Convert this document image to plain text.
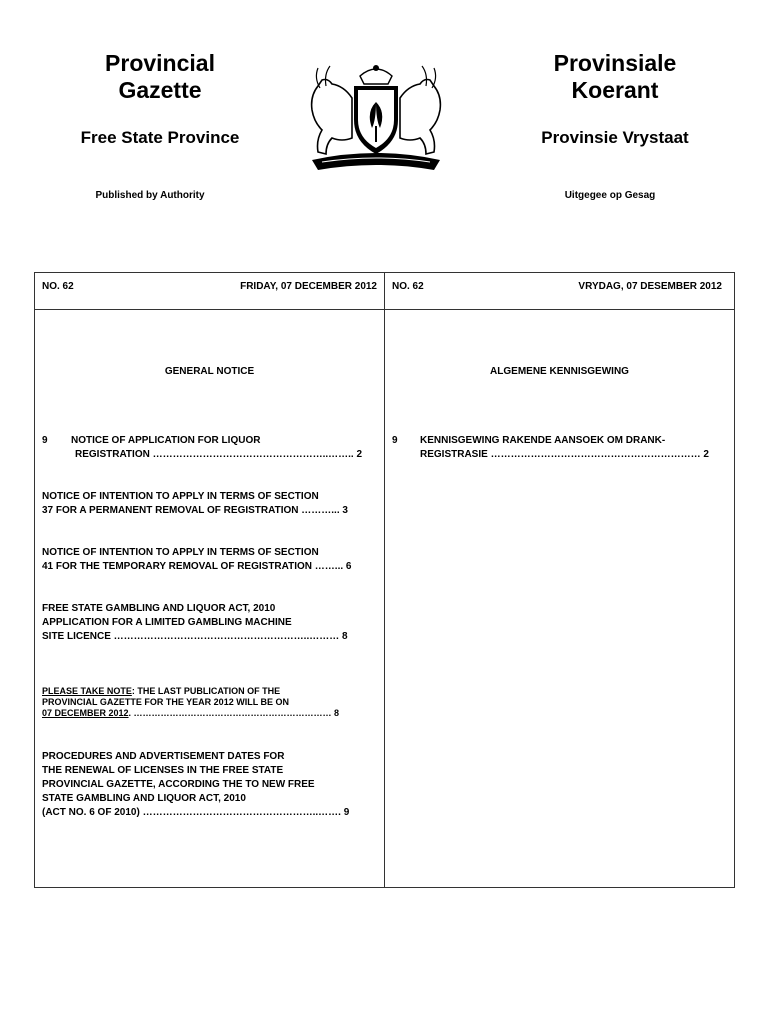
Provincial
Gazette
Free State Province
Published by Authority
Provinsiale
Koerant
Provinsie Vrystaat
Uitgegee op Gesag
NO. 62	FRIDAY, 07 DECEMBER 2012 NO. 62	VRYDAG, 07 DESEMBER 2012
GENERAL NOTICE	ALGEMENE KENNISGEWING
9 NOTICE OF APPLICATION FOR LIQUOR
REGISTRATION ……………………………………………..…….. 2
NOTICE OF INTENTION TO APPLY IN TERMS OF SECTION
37 FOR A PERMANENT REMOVAL OF REGISTRATION ………... 3
NOTICE OF INTENTION TO APPLY IN TERMS OF SECTION
41 FOR THE TEMPORARY REMOVAL OF REGISTRATION ……... 6
FREE STATE GAMBLING AND LIQUOR ACT, 2010
APPLICATION FOR A LIMITED GAMBLING MACHINE
SITE LICENCE …………………………………………………..……… 8
PLEASE TAKE NOTE: THE LAST PUBLICATION OF THE
PROVINCIAL GAZETTE FOR THE YEAR 2012 WILL BE ON
07 DECEMBER 2012. ………………………………………………………… 8
PROCEDURES AND ADVERTISEMENT DATES FOR
THE RENEWAL OF LICENSES IN THE FREE STATE
PROVINCIAL GAZETTE, ACCORDING THE TO NEW FREE
STATE GAMBLING AND LIQUOR ACT, 2010
(ACT NO. 6 OF 2010) ……………………………………………..……. 9
9 KENNISGEWING RAKENDE AANSOEK OM DRANK-
REGISTRASIE ……………………………………………………… 2
